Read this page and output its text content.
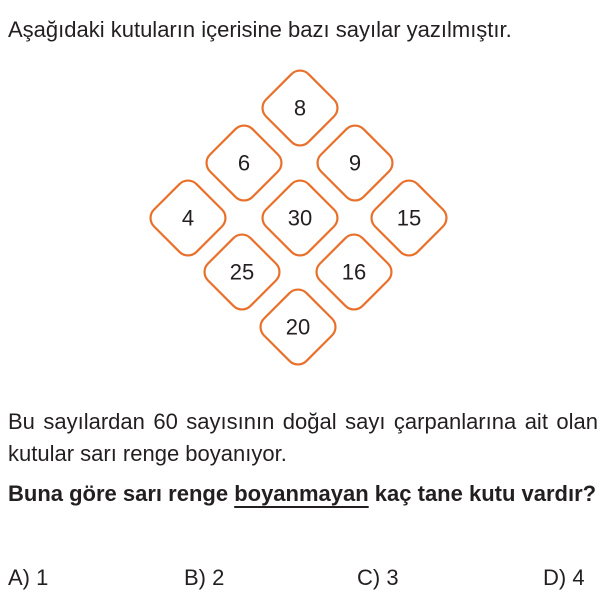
Aşağıdaki kutuların içerisine bazı sayılar yazılmıştır.
8
6	9
4	30	15
25	16
20
Bu sayılardan 60 sayısının doğal sayı çarpanlarına ait olan kutular sarı renge boyanıyor.
Buna göre sarı renge boyanmayan kaç tane kutu vardır?
A) 1	B) 2	C) 3	D) 4
